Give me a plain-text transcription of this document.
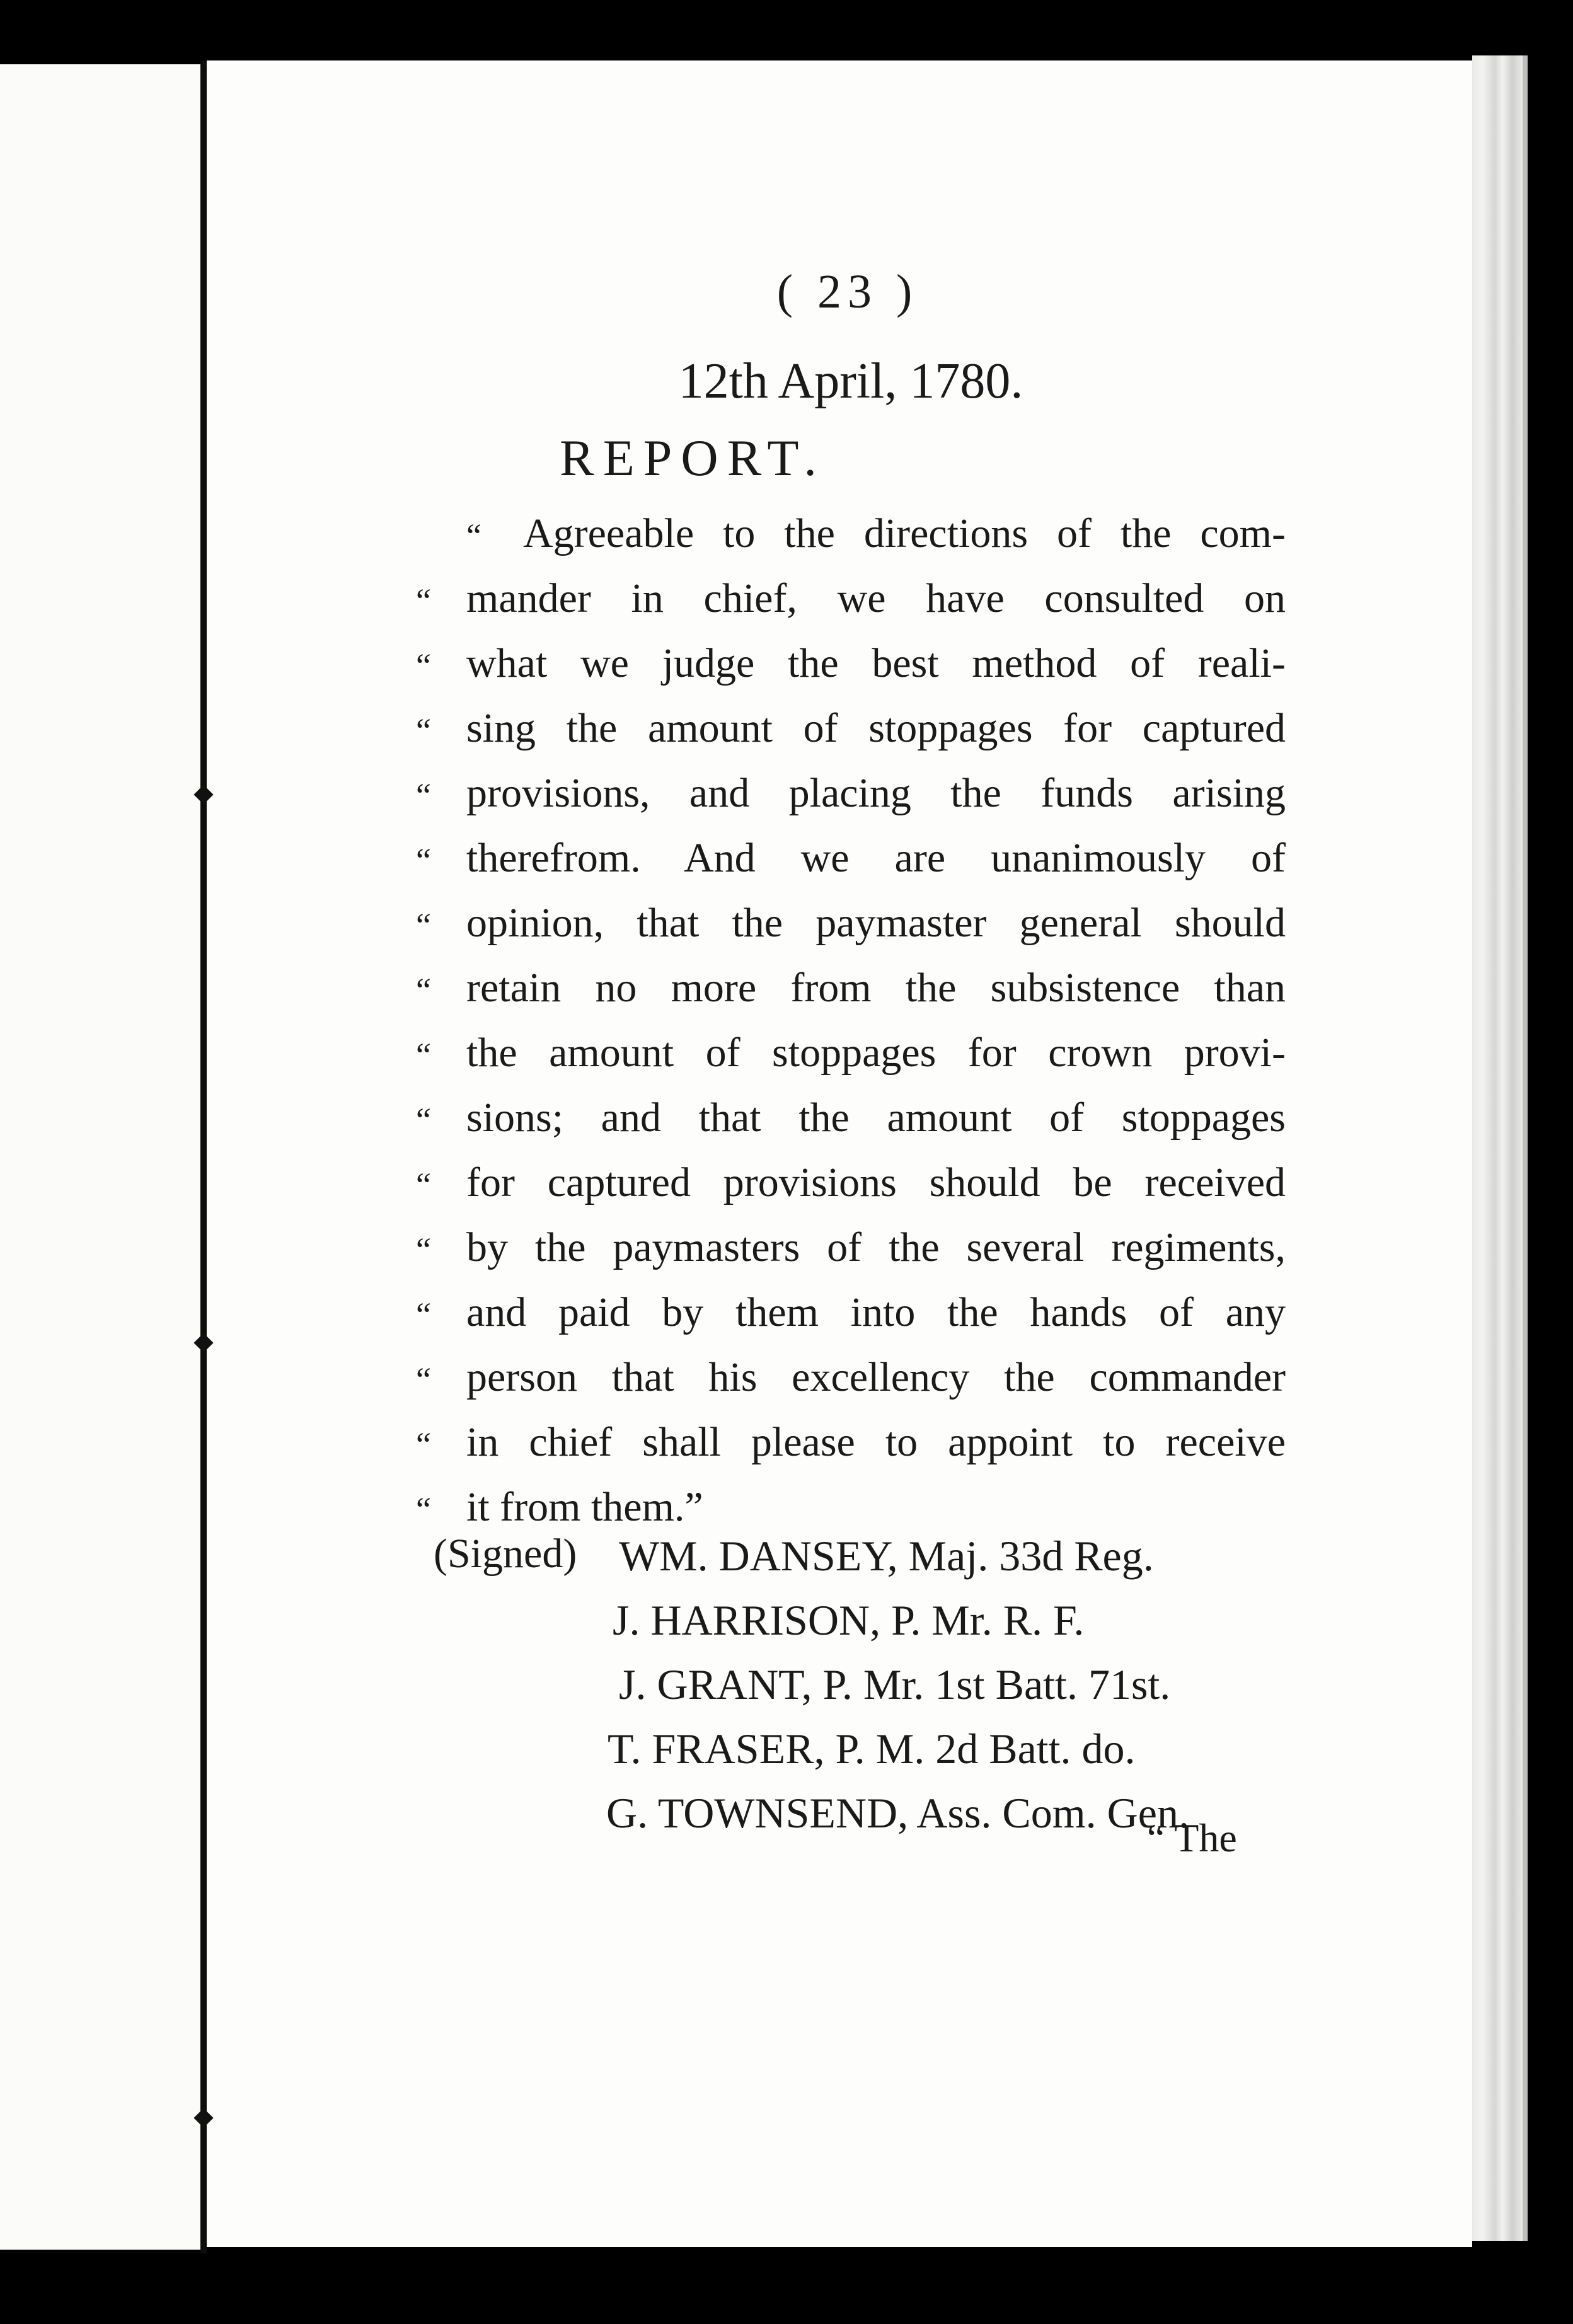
( 23 )
12th April, 1780.
REPORT.
“	Agreeable to the directions of the com-
“ mander in chief, we have consulted on
“ what we judge the best method of reali-
“ sing the amount of stoppages for captured
“ provisions, and placing the funds arising
“ therefrom. And we are unanimously of
“ opinion, that the paymaster general should
“ retain no more from the subsistence than
“ the amount of stoppages for crown provi-
“ sions; and that the amount of stoppages
“ for captured provisions should be received
“ by the paymasters of the several regiments,
“ and paid by them into the hands of any
“ person that his excellency the commander
“ in chief shall please to appoint to receive
“ it from them.”
(Signed) WM. DANSEY, Maj. 33d Reg.
J. HARRISON, P. Mr. R. F.
J. GRANT, P. Mr. 1st Batt. 71st.
T. FRASER, P. M. 2d Batt. do.
G. TOWNSEND, Ass. Com. Gen.
“ The
